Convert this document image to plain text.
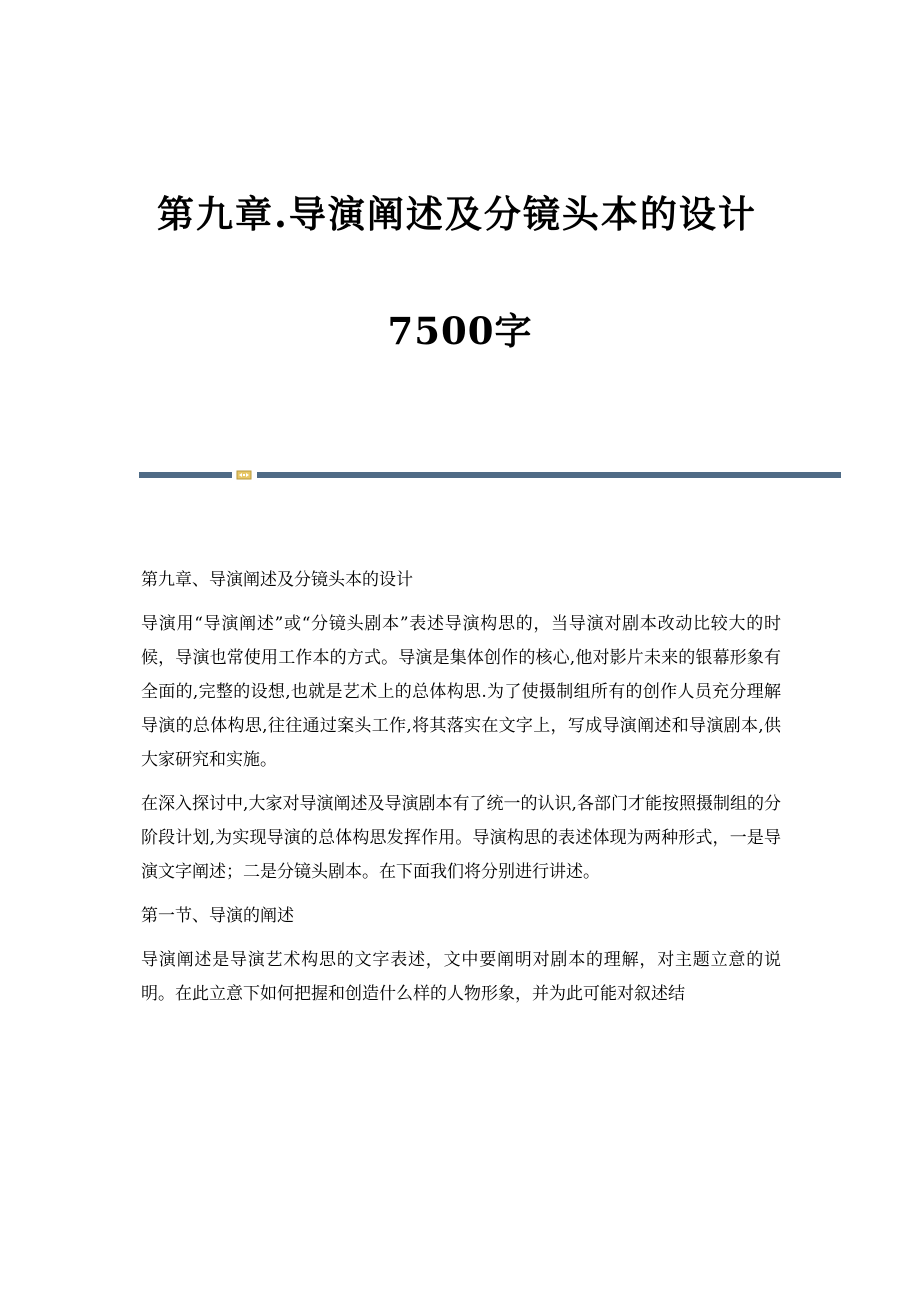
第九章.导演阐述及分镜头本的设计
7500字

第九章、导演阐述及分镜头本的设计

导演用“导演阐述”或“分镜头剧本”表述导演构思的，当导演对剧本改动比较大的时候，导演也常使用工作本的方式。导演是集体创作的核心,他对影片未来的银幕形象有全面的,完整的设想,也就是艺术上的总体构思.为了使摄制组所有的创作人员充分理解导演的总体构思,往往通过案头工作,将其落实在文字上，写成导演阐述和导演剧本,供大家研究和实施。

在深入探讨中,大家对导演阐述及导演剧本有了统一的认识,各部门才能按照摄制组的分阶段计划,为实现导演的总体构思发挥作用。导演构思的表述体现为两种形式，一是导演文字阐述；二是分镜头剧本。在下面我们将分别进行讲述。

第一节、导演的阐述

导演阐述是导演艺术构思的文字表述，文中要阐明对剧本的理解，对主题立意的说明。在此立意下如何把握和创造什么样的人物形象，并为此可能对叙述结
